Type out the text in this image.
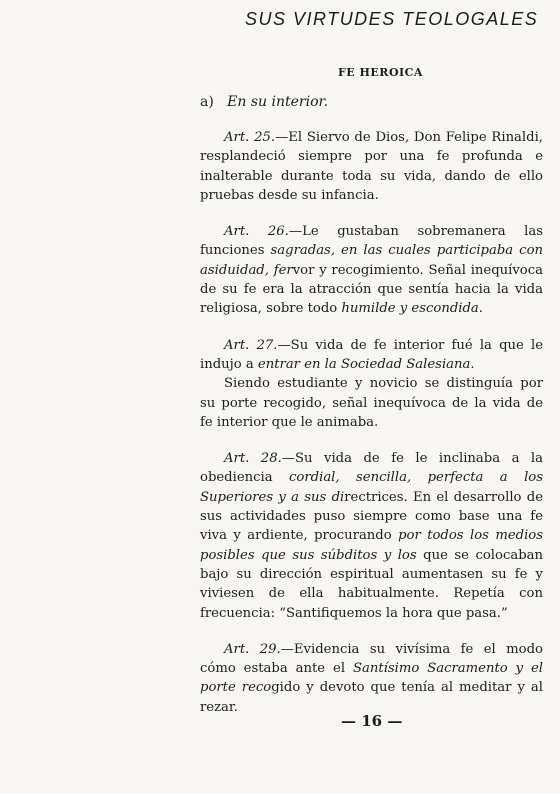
SUS VIRTUDES TEOLOGALES
FE HEROICA
a) En su interior.

Art. 25.—El Siervo de Dios, Don Felipe Rinaldi, resplandeció siempre por una fe profunda e inalterable durante toda su vida, dando de ello pruebas desde su infancia.

Art. 26.—Le gustaban sobremanera las funciones sagradas, en las cuales participaba con asiduidad, fervor y recogimiento. Señal inequívoca de su fe era la atracción que sentía hacia la vida religiosa, sobre todo humilde y escondida.

Art. 27.—Su vida de fe interior fué la que le indujo a entrar en la Sociedad Salesiana.

Siendo estudiante y novicio se distinguía por su porte recogido, señal inequívoca de la vida de fe interior que le animaba.

Art. 28.—Su vida de fe le inclinaba a la obediencia cordial, sencilla, perfecta a los Superiores y a sus directrices. En el desarrollo de sus actividades puso siempre como base una fe viva y ardiente, procurando por todos los medios posibles que sus súbditos y los que se colocaban bajo su dirección espiritual aumentasen su fe y viviesen de ella habitualmente. Repetía con frecuencia: “Santifiquemos la hora que pasa.”

Art. 29.—Evidencia su vivísima fe el modo cómo estaba ante el Santísimo Sacramento y el porte recogido y devoto que tenía al meditar y al rezar.

— 16 —
